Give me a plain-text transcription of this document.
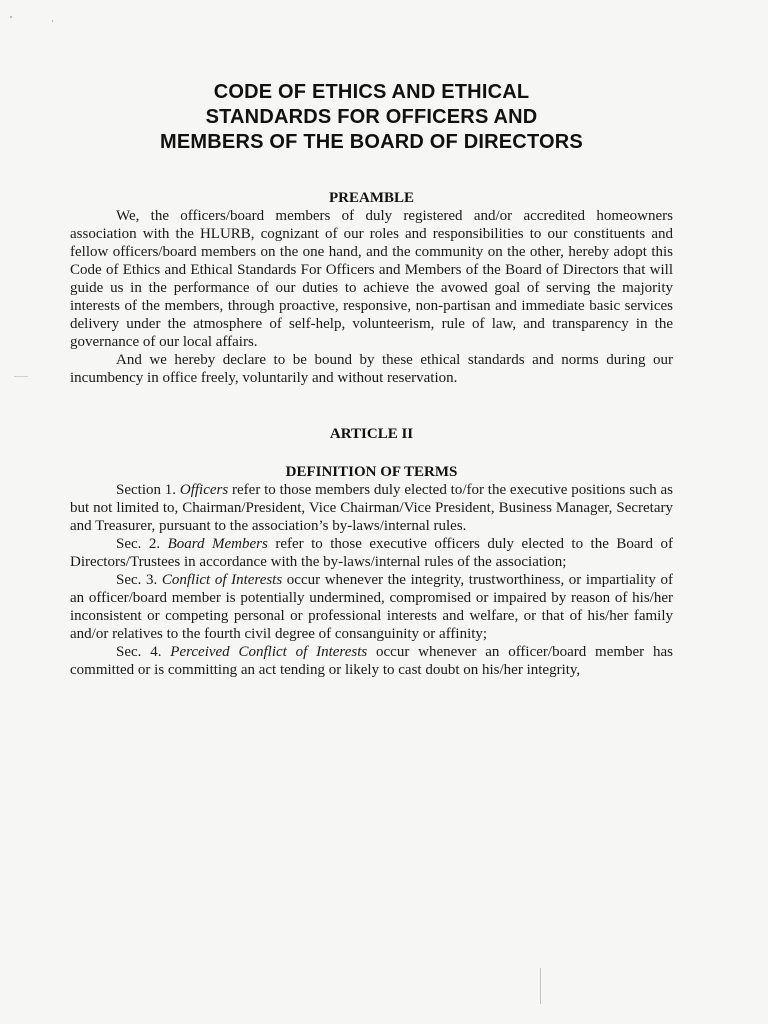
CODE OF ETHICS AND ETHICAL
STANDARDS FOR OFFICERS AND
MEMBERS OF THE BOARD OF DIRECTORS
PREAMBLE

We, the officers/board members of duly registered and/or accredited homeowners association with the HLURB, cognizant of our roles and responsibilities to our constituents and fellow officers/board members on the one hand, and the community on the other, hereby adopt this Code of Ethics and Ethical Standards For Officers and Members of the Board of Directors that will guide us in the performance of our duties to achieve the avowed goal of serving the majority interests of the members, through proactive, responsive, non-partisan and immediate basic services delivery under the atmosphere of self-help, volunteerism, rule of law, and transparency in the governance of our local affairs.

And we hereby declare to be bound by these ethical standards and norms during our incumbency in office freely, voluntarily and without reservation.

ARTICLE II
DEFINITION OF TERMS

Section 1. Officers refer to those members duly elected to/for the executive positions such as but not limited to, Chairman/President, Vice Chairman/Vice President, Business Manager, Secretary and Treasurer, pursuant to the association’s by-laws/internal rules.

Sec. 2. Board Members refer to those executive officers duly elected to the Board of Directors/Trustees in accordance with the by-laws/internal rules of the association;

Sec. 3. Conflict of Interests occur whenever the integrity, trustworthiness, or impartiality of an officer/board member is potentially undermined, compromised or impaired by reason of his/her inconsistent or competing personal or professional interests and welfare, or that of his/her family and/or relatives to the fourth civil degree of consanguinity or affinity;

Sec. 4. Perceived Conflict of Interests occur whenever an officer/board member has committed or is committing an act tending or likely to cast doubt on his/her integrity,
